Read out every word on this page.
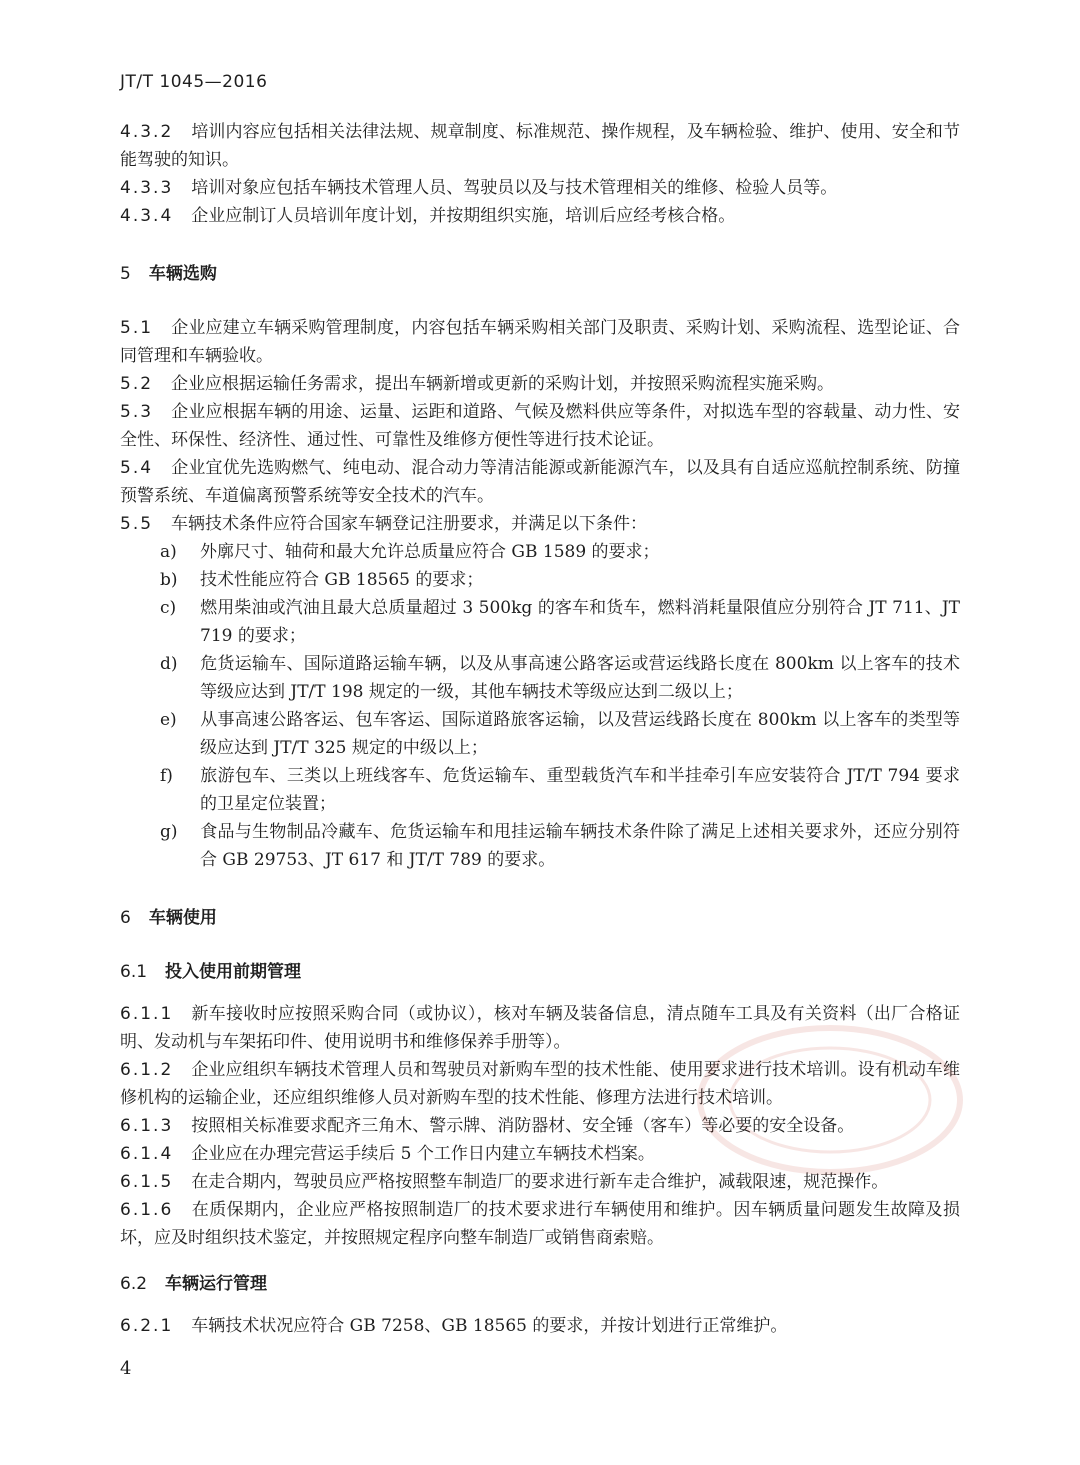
JT/T 1045—2016

4.3.2 培训内容应包括相关法律法规、规章制度、标准规范、操作规程，及车辆检验、维护、使用、安全和节能驾驶的知识。

4.3.3 培训对象应包括车辆技术管理人员、驾驶员以及与技术管理相关的维修、检验人员等。

4.3.4 企业应制订人员培训年度计划，并按期组织实施，培训后应经考核合格。

5 车辆选购

5.1 企业应建立车辆采购管理制度，内容包括车辆采购相关部门及职责、采购计划、采购流程、选型论证、合同管理和车辆验收。

5.2 企业应根据运输任务需求，提出车辆新增或更新的采购计划，并按照采购流程实施采购。

5.3 企业应根据车辆的用途、运量、运距和道路、气候及燃料供应等条件，对拟选车型的容载量、动力性、安全性、环保性、经济性、通过性、可靠性及维修方便性等进行技术论证。

5.4 企业宜优先选购燃气、纯电动、混合动力等清洁能源或新能源汽车，以及具有自适应巡航控制系统、防撞预警系统、车道偏离预警系统等安全技术的汽车。

5.5 车辆技术条件应符合国家车辆登记注册要求，并满足以下条件：

a) 外廓尺寸、轴荷和最大允许总质量应符合 GB 1589 的要求；

b) 技术性能应符合 GB 18565 的要求；

c) 燃用柴油或汽油且最大总质量超过 3 500kg 的客车和货车，燃料消耗量限值应分别符合 JT 711、JT 719 的要求；

d) 危货运输车、国际道路运输车辆，以及从事高速公路客运或营运线路长度在 800km 以上客车的技术等级应达到 JT/T 198 规定的一级，其他车辆技术等级应达到二级以上；

e) 从事高速公路客运、包车客运、国际道路旅客运输，以及营运线路长度在 800km 以上客车的类型等级应达到 JT/T 325 规定的中级以上；

f) 旅游包车、三类以上班线客车、危货运输车、重型载货汽车和半挂牵引车应安装符合 JT/T 794 要求的卫星定位装置；

g) 食品与生物制品冷藏车、危货运输车和甩挂运输车辆技术条件除了满足上述相关要求外，还应分别符合 GB 29753、JT 617 和 JT/T 789 的要求。

6 车辆使用
6.1 投入使用前期管理

6.1.1 新车接收时应按照采购合同（或协议），核对车辆及装备信息，清点随车工具及有关资料（出厂合格证明、发动机与车架拓印件、使用说明书和维修保养手册等）。

6.1.2 企业应组织车辆技术管理人员和驾驶员对新购车型的技术性能、使用要求进行技术培训。设有机动车维修机构的运输企业，还应组织维修人员对新购车型的技术性能、修理方法进行技术培训。

6.1.3 按照相关标准要求配齐三角木、警示牌、消防器材、安全锤（客车）等必要的安全设备。

6.1.4 企业应在办理完营运手续后 5 个工作日内建立车辆技术档案。

6.1.5 在走合期内，驾驶员应严格按照整车制造厂的要求进行新车走合维护，减载限速，规范操作。

6.1.6 在质保期内，企业应严格按照制造厂的技术要求进行车辆使用和维护。因车辆质量问题发生故障及损坏，应及时组织技术鉴定，并按照规定程序向整车制造厂或销售商索赔。

6.2 车辆运行管理

6.2.1 车辆技术状况应符合 GB 7258、GB 18565 的要求，并按计划进行正常维护。

4
